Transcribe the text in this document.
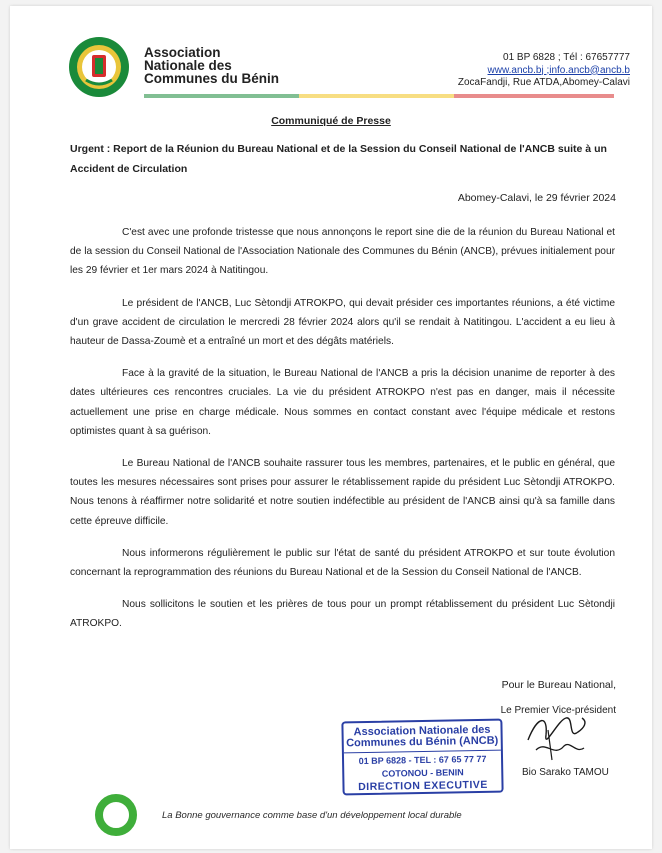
Association
Nationale des
Communes du Bénin
01 BP 6828 ; Tél : 67657777
www.ancb.bj ;info.ancb@ancb.b
ZocaFandji, Rue ATDA,Abomey-Calavi
Communiqué de Presse
Urgent : Report de la Réunion du Bureau National et de la Session du Conseil National de l'ANCB suite à un Accident de Circulation
Abomey-Calavi, le 29 février 2024

C'est avec une profonde tristesse que nous annonçons le report sine die de la réunion du Bureau National et de la session du Conseil National de l'Association Nationale des Communes du Bénin (ANCB), prévues initialement pour les 29 février et 1er mars 2024 à Natitingou.

Le président de l'ANCB, Luc Sètondji ATROKPO, qui devait présider ces importantes réunions, a été victime d'un grave accident de circulation le mercredi 28 février 2024 alors qu'il se rendait à Natitingou. L'accident a eu lieu à hauteur de Dassa-Zoumè et a entraîné un mort et des dégâts matériels.

Face à la gravité de la situation, le Bureau National de l'ANCB a pris la décision unanime de reporter à des dates ultérieures ces rencontres cruciales. La vie du président ATROKPO n'est pas en danger, mais il nécessite actuellement une prise en charge médicale. Nous sommes en contact constant avec l'équipe médicale et restons optimistes quant à sa guérison.

Le Bureau National de l'ANCB souhaite rassurer tous les membres, partenaires, et le public en général, que toutes les mesures nécessaires sont prises pour assurer le rétablissement rapide du président Luc Sètondji ATROKPO. Nous tenons à réaffirmer notre solidarité et notre soutien indéfectible au président de l'ANCB ainsi qu'à sa famille dans cette épreuve difficile.

Nous informerons régulièrement le public sur l'état de santé du président ATROKPO et sur toute évolution concernant la reprogrammation des réunions du Bureau National et de la Session du Conseil National de l'ANCB.

Nous sollicitons le soutien et les prières de tous pour un prompt rétablissement du président Luc Sètondji ATROKPO.

Pour le Bureau National,
Le Premier Vice-président
Association Nationale des
Communes du Bénin (ANCB)
01 BP 6828 - TEL : 67 65 77 77
COTONOU - BENIN
DIRECTION EXECUTIVE
Bio Sarako TAMOU
La Bonne gouvernance comme base d'un développement local durable
